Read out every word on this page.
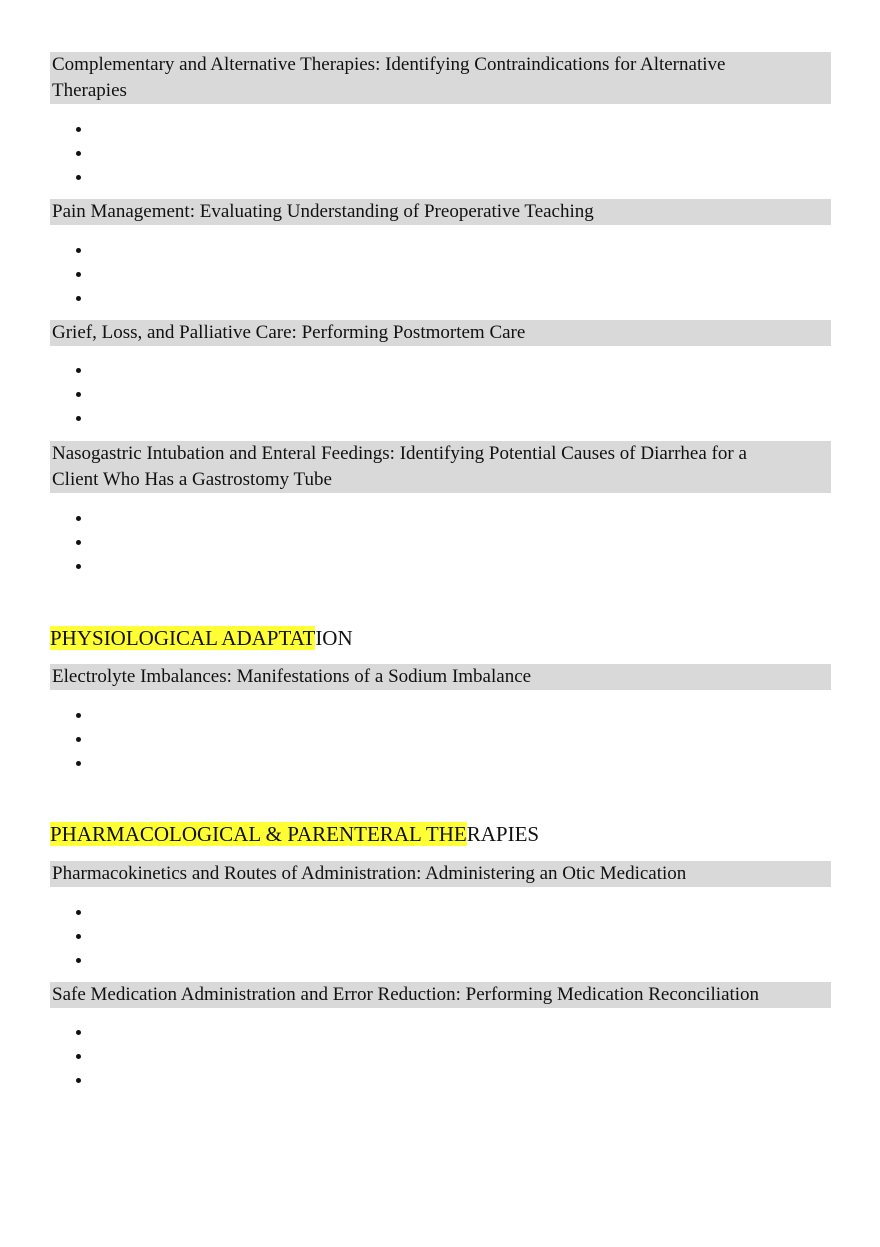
Complementary and Alternative Therapies: Identifying Contraindications for Alternative
Therapies
Pain Management: Evaluating Understanding of Preoperative Teaching
Grief, Loss, and Palliative Care: Performing Postmortem Care
Nasogastric Intubation and Enteral Feedings: Identifying Potential Causes of Diarrhea for a
Client Who Has a Gastrostomy Tube
PHYSIOLOGICAL ADAPTATION
Electrolyte Imbalances: Manifestations of a Sodium Imbalance
PHARMACOLOGICAL & PARENTERAL THERAPIES
Pharmacokinetics and Routes of Administration: Administering an Otic Medication
Safe Medication Administration and Error Reduction: Performing Medication Reconciliation
